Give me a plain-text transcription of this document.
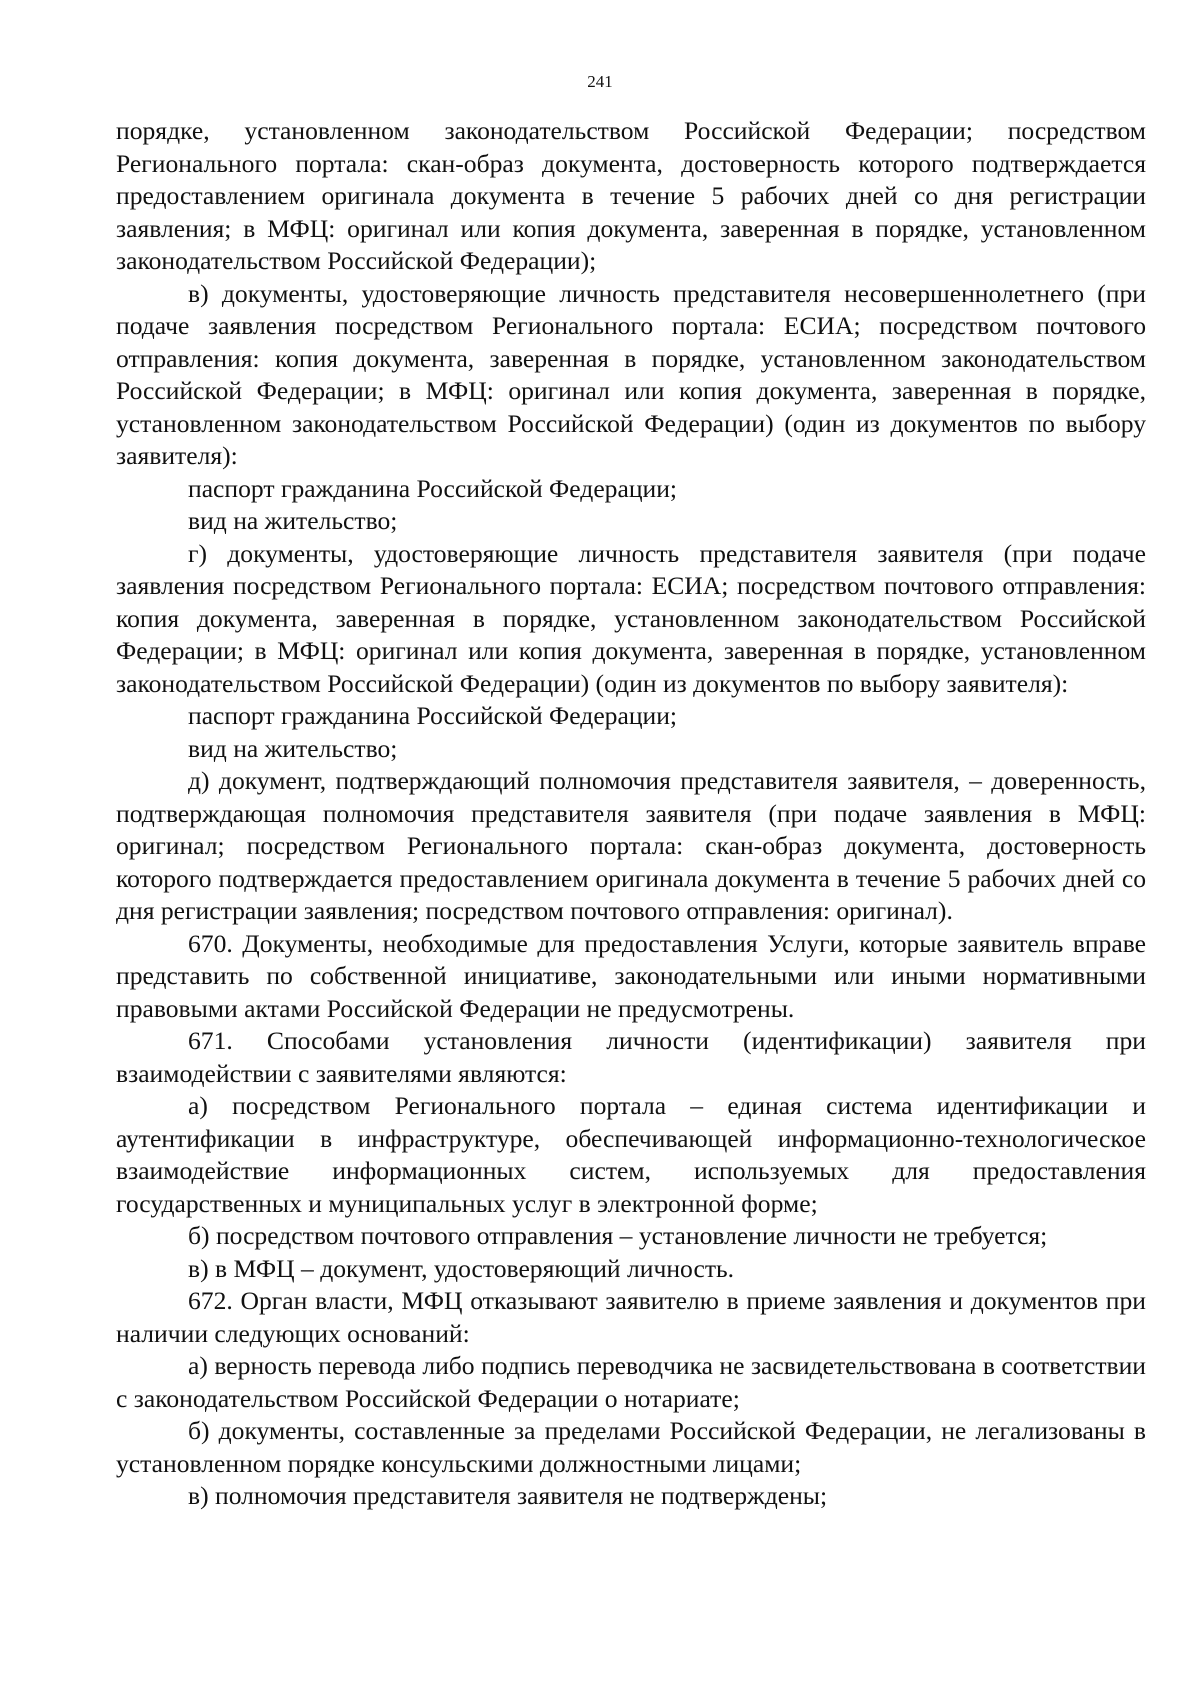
241

порядке, установленном законодательством Российской Федерации; посредством Регионального портала: скан-образ документа, достоверность которого подтверждается предоставлением оригинала документа в течение 5 рабочих дней со дня регистрации заявления; в МФЦ: оригинал или копия документа, заверенная в порядке, установленном законодательством Российской Федерации);

в) документы, удостоверяющие личность представителя несовершеннолетнего (при подаче заявления посредством Регионального портала: ЕСИА; посредством почтового отправления: копия документа, заверенная в порядке, установленном законодательством Российской Федерации; в МФЦ: оригинал или копия документа, заверенная в порядке, установленном законодательством Российской Федерации) (один из документов по выбору заявителя):

паспорт гражданина Российской Федерации;

вид на жительство;

г) документы, удостоверяющие личность представителя заявителя (при подаче заявления посредством Регионального портала: ЕСИА; посредством почтового отправления: копия документа, заверенная в порядке, установленном законодательством Российской Федерации; в МФЦ: оригинал или копия документа, заверенная в порядке, установленном законодательством Российской Федерации) (один из документов по выбору заявителя):

паспорт гражданина Российской Федерации;

вид на жительство;

д) документ, подтверждающий полномочия представителя заявителя, – доверенность, подтверждающая полномочия представителя заявителя (при подаче заявления в МФЦ: оригинал; посредством Регионального портала: скан-образ документа, достоверность которого подтверждается предоставлением оригинала документа в течение 5 рабочих дней со дня регистрации заявления; посредством почтового отправления: оригинал).

670. Документы, необходимые для предоставления Услуги, которые заявитель вправе представить по собственной инициативе, законодательными или иными нормативными правовыми актами Российской Федерации не предусмотрены.

671. Способами установления личности (идентификации) заявителя при взаимодействии с заявителями являются:

а) посредством Регионального портала – единая система идентификации и аутентификации в инфраструктуре, обеспечивающей информационно-технологическое взаимодействие информационных систем, используемых для предоставления государственных и муниципальных услуг в электронной форме;

б) посредством почтового отправления – установление личности не требуется;

в) в МФЦ – документ, удостоверяющий личность.

672. Орган власти, МФЦ отказывают заявителю в приеме заявления и документов при наличии следующих оснований:

а) верность перевода либо подпись переводчика не засвидетельствована в соответствии с законодательством Российской Федерации о нотариате;

б) документы, составленные за пределами Российской Федерации, не легализованы в установленном порядке консульскими должностными лицами;

в) полномочия представителя заявителя не подтверждены;
